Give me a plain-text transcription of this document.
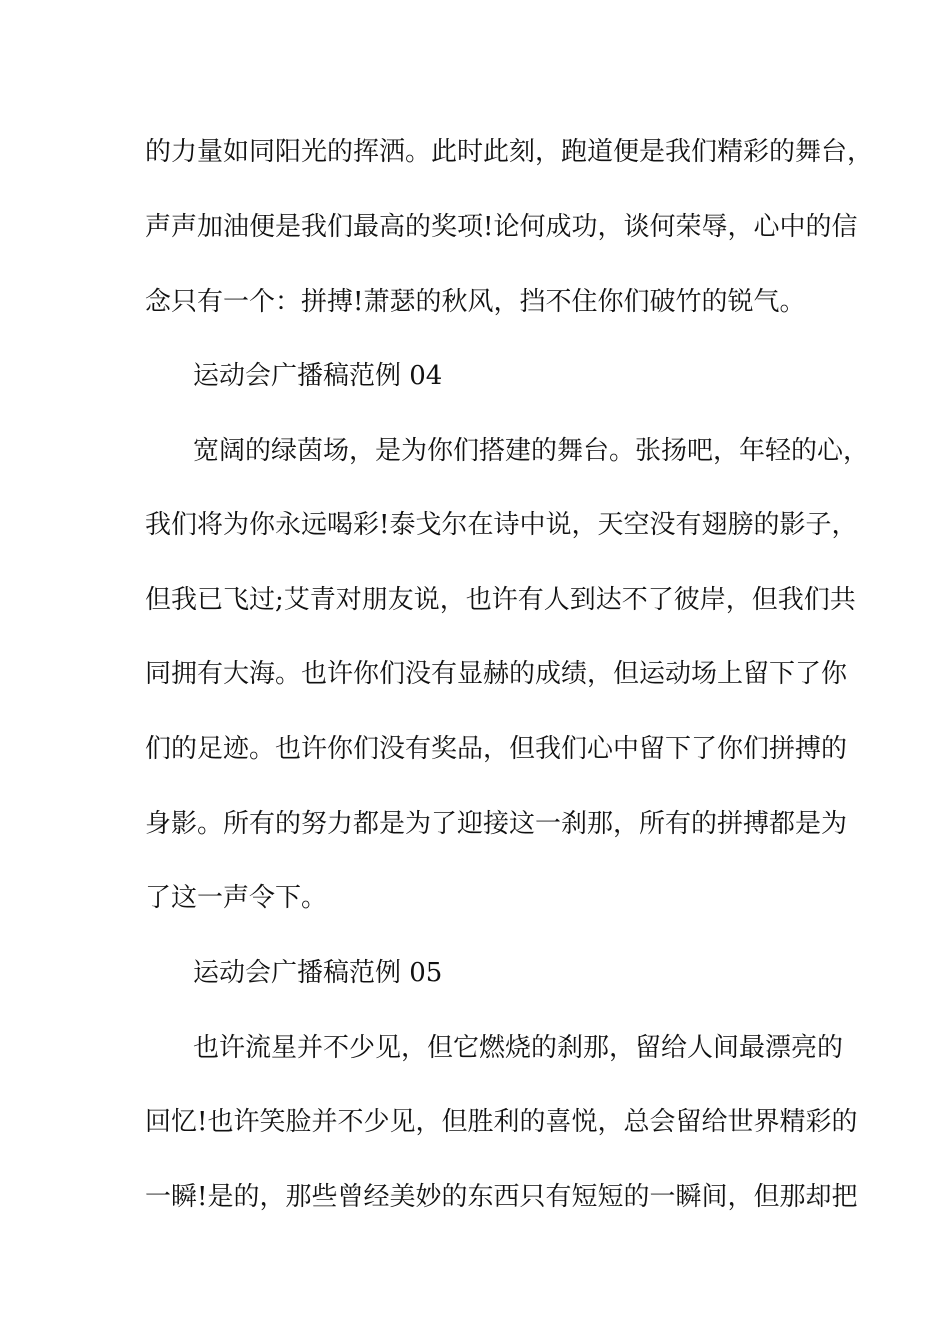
的力量如同阳光的挥洒。此时此刻，跑道便是我们精彩的舞台，
声声加油便是我们最高的奖项!论何成功，谈何荣辱，心中的信
念只有一个：拼搏!萧瑟的秋风，挡不住你们破竹的锐气。
运动会广播稿范例 04
宽阔的绿茵场，是为你们搭建的舞台。张扬吧，年轻的心，
我们将为你永远喝彩!泰戈尔在诗中说，天空没有翅膀的影子，
但我已飞过;艾青对朋友说，也许有人到达不了彼岸，但我们共
同拥有大海。也许你们没有显赫的成绩，但运动场上留下了你
们的足迹。也许你们没有奖品，但我们心中留下了你们拼搏的
身影。所有的努力都是为了迎接这一刹那，所有的拼搏都是为
了这一声令下。
运动会广播稿范例 05
也许流星并不少见，但它燃烧的刹那，留给人间最漂亮的
回忆!也许笑脸并不少见，但胜利的喜悦，总会留给世界精彩的
一瞬!是的，那些曾经美妙的东西只有短短的一瞬间，但那却把
